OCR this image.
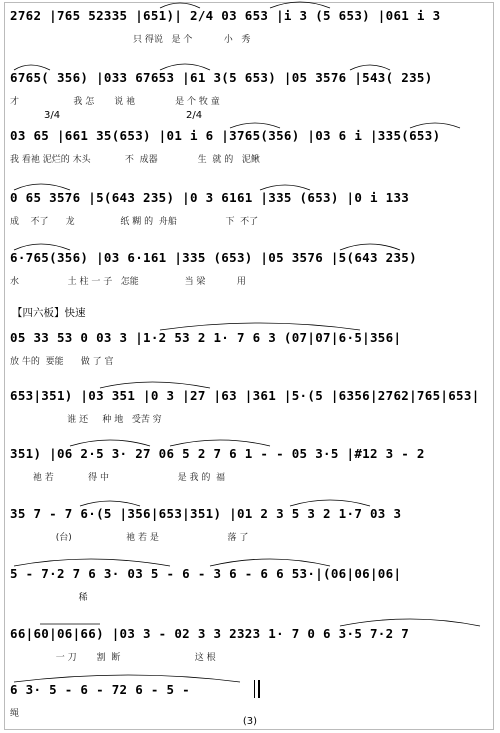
2762 |765 52335 |651)| 2/4 03 653 |i 3 (5 653) |061 i 3
只 得说   是 个           小   秀
6765( 356) |033 67653 |61 3(5 653) |05 3576 |543( 235)
才                   我 怎       说 祂              是 个 牧 童
3/4	2/4
03 65 |661 35(653) |01 i 6 |3765(356) |03 6 i |335(653)
我 看祂 泥烂的 木头            不  成器              生  就 的   泥鳅
0 65 3576 |5(643 235) |0 3 6161 |335 (653) |0 i 133
成    不了      龙                纸 糊 的  舟船                 下  不了
6·765(356) |03 6·161 |335 (653) |05 3576 |5(643 235)
水                 土 柱 一 子   怎能                当 梁           用
【四六板】快速
05 33 53 0 03 3 |1·2 53 2 1· 7 6 3 (07|07|6·5|356|
放 牛的  要能      做 了 官
653|351) |03 351 |0 3 |27 |63 |361 |5·(5 |6356|2762|765|653|
谁 还     种 地   受苦 穷
351) |06 2·5 3· 27 06 5 2 7 6 1 - - 05 3·5 |#12 3 - 2
祂 若            得 中                        是 我 的  福
35 7 - 7 6·(5 |356|653|351) |01 2 3 5 3 2 1·7 03 3
(台)                   祂 若 是                        落 了
5 - 7·2 7 6 3· 03 5 - 6 - 3 6 - 6 6 53·|(06|06|06|
稀
66|60|06|66) |03 3 - 02 3 3 2323 1· 7 0 6 3·5 7·2 7
一 刀       割  断                          这 根
6 3· 5 - 6 - 72 6 - 5 -
绳
(3)
